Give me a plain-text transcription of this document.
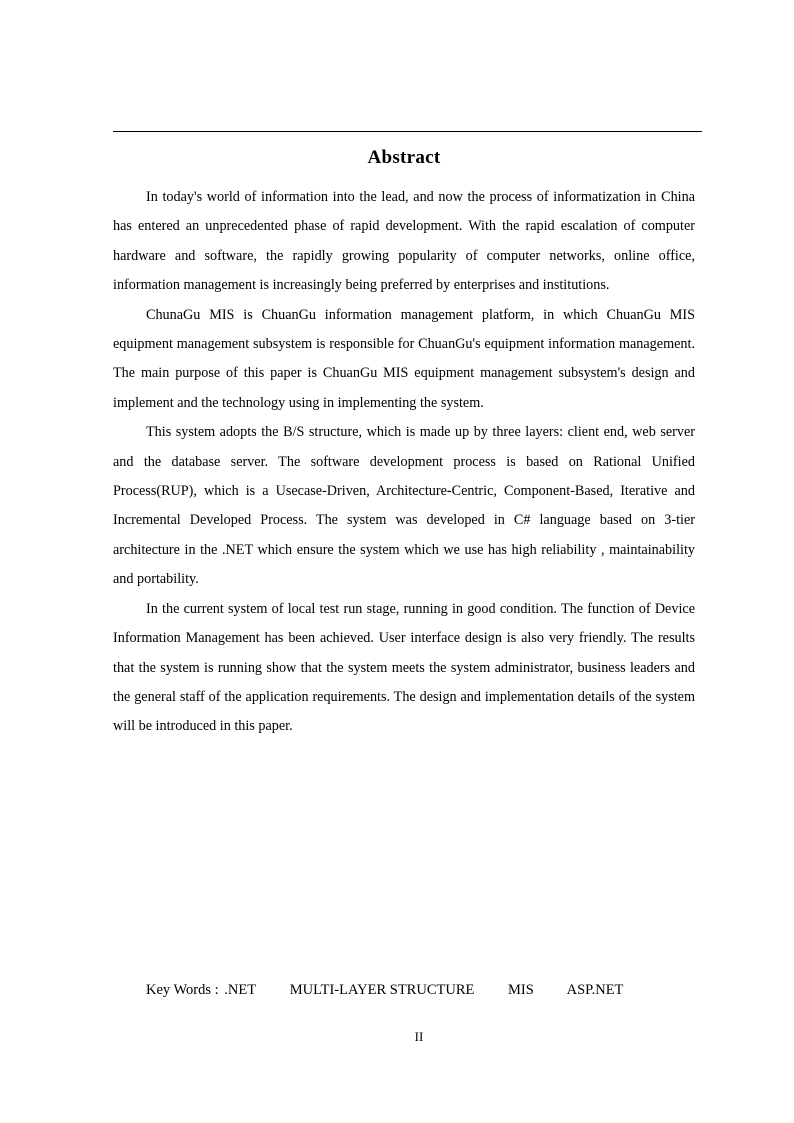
Abstract

In today's world of information into the lead, and now the process of informatization in China has entered an unprecedented phase of rapid development. With the rapid escalation of computer hardware and software, the rapidly growing popularity of computer networks, online office, information management is increasingly being preferred by enterprises and institutions.

ChunaGu MIS is ChuanGu information management platform, in which ChuanGu MIS equipment management subsystem is responsible for ChuanGu's equipment information management. The main purpose of this paper is ChuanGu MIS equipment management subsystem's design and implement and the technology using in implementing the system.

This system adopts the B/S structure, which is made up by three layers: client end, web server and the database server. The software development process is based on Rational Unified Process(RUP), which is a Usecase-Driven, Architecture-Centric, Component-Based, Iterative and Incremental Developed Process. The system was developed in C# language based on 3-tier architecture in the .NET which ensure the system which we use has high reliability , maintainability and portability.

In the current system of local test run stage, running in good condition. The function of Device Information Management has been achieved. User interface design is also very friendly. The results that the system is running show that the system meets the system administrator, business leaders and the general staff of the application requirements. The design and implementation details of the system will be introduced in this paper.

Key Words : .NET MULTI-LAYER STRUCTURE MIS ASP.NET
II
